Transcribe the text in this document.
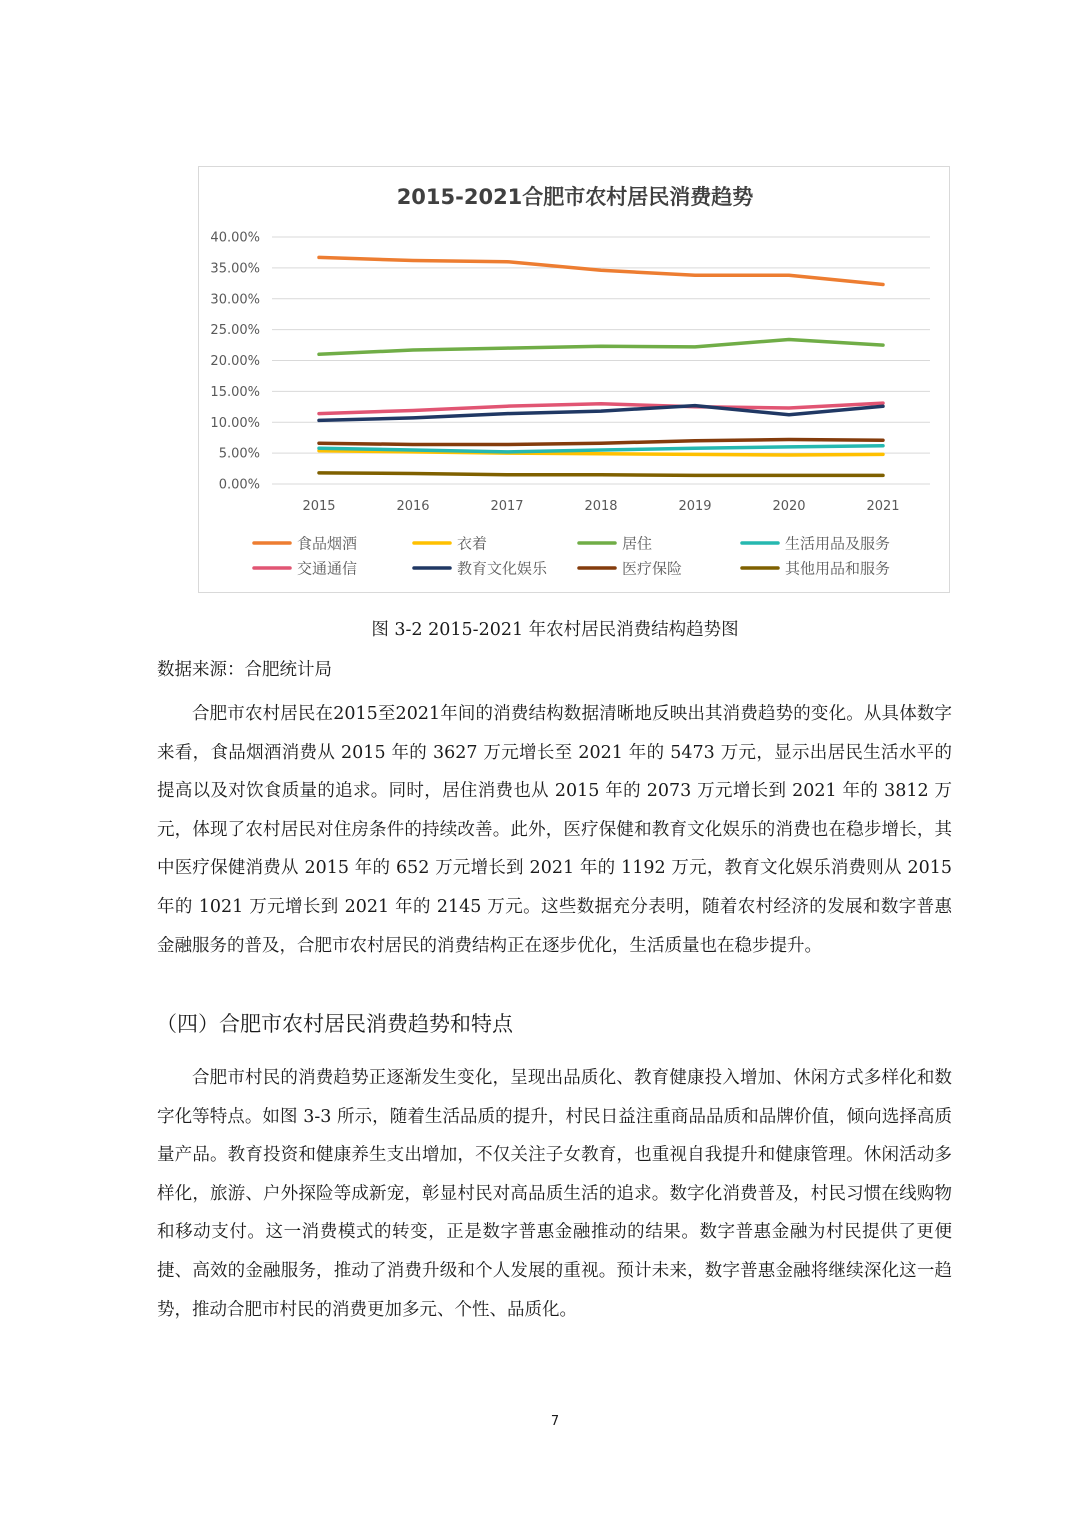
2015-2021合肥市农村居民消费趋势
0.00%
5.00%
10.00%
15.00%
20.00%
25.00%
30.00%
35.00%
40.00%
2015	2016	2017	2018	2019	2020	2021
食品烟酒	衣着	居住	生活用品及服务
交通通信	教育文化娱乐	医疗保险	其他用品和服务
图 3-2 2015-2021 年农村居民消费结构趋势图
数据来源：合肥统计局

合肥市农村居民在2015至2021年间的消费结构数据清晰地反映出其消费趋势的变化。从具体数字来看，食品烟酒消费从 2015 年的 3627 万元增长至 2021 年的 5473 万元，显示出居民生活水平的提高以及对饮食质量的追求。同时，居住消费也从 2015 年的 2073 万元增长到 2021 年的 3812 万元，体现了农村居民对住房条件的持续改善。此外，医疗保健和教育文化娱乐的消费也在稳步增长，其中医疗保健消费从 2015 年的 652 万元增长到 2021 年的 1192 万元，教育文化娱乐消费则从 2015 年的 1021 万元增长到 2021 年的 2145 万元。这些数据充分表明，随着农村经济的发展和数字普惠金融服务的普及，合肥市农村居民的消费结构正在逐步优化，生活质量也在稳步提升。

（四）合肥市农村居民消费趋势和特点

合肥市村民的消费趋势正逐渐发生变化，呈现出品质化、教育健康投入增加、休闲方式多样化和数字化等特点。如图 3-3 所示，随着生活品质的提升，村民日益注重商品品质和品牌价值，倾向选择高质量产品。教育投资和健康养生支出增加，不仅关注子女教育，也重视自我提升和健康管理。休闲活动多样化，旅游、户外探险等成新宠，彰显村民对高品质生活的追求。数字化消费普及，村民习惯在线购物和移动支付。这一消费模式的转变，正是数字普惠金融推动的结果。数字普惠金融为村民提供了更便捷、高效的金融服务，推动了消费升级和个人发展的重视。预计未来，数字普惠金融将继续深化这一趋势，推动合肥市村民的消费更加多元、个性、品质化。

7
